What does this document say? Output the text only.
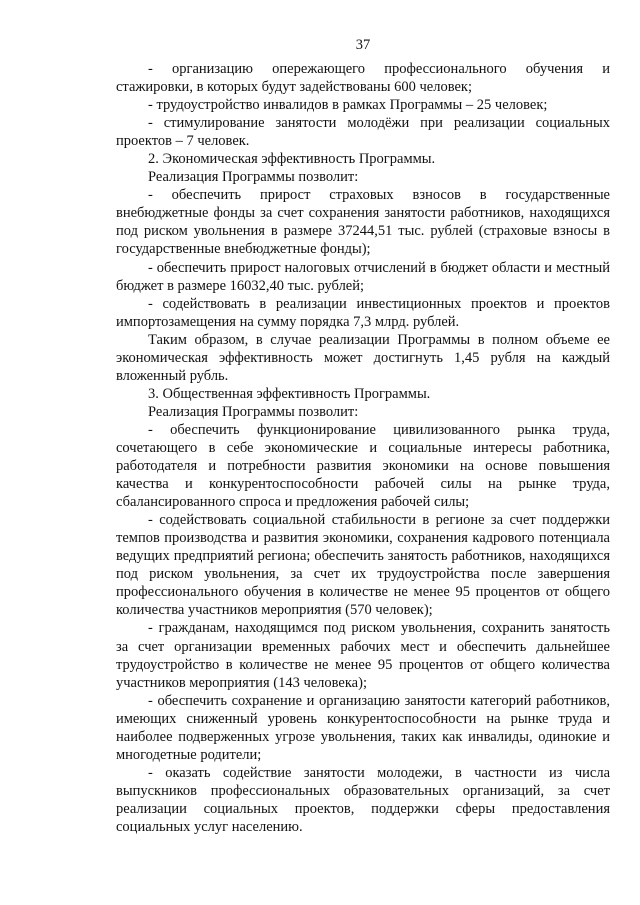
37

- организацию опережающего профессионального обучения и стажировки, в которых будут задействованы 600 человек;

- трудоустройство инвалидов в рамках Программы – 25 человек;

- стимулирование занятости молодёжи при реализации социальных проектов – 7 человек.

2. Экономическая эффективность Программы.

Реализация Программы позволит:

- обеспечить прирост страховых взносов в государственные внебюджетные фонды за счет сохранения занятости работников, находящихся под риском увольнения в размере 37244,51 тыс. рублей (страховые взносы в государственные внебюджетные фонды);

- обеспечить прирост налоговых отчислений в бюджет области и местный бюджет в размере 16032,40 тыс. рублей;

- содействовать в реализации инвестиционных проектов и проектов импортозамещения на сумму порядка 7,3 млрд. рублей.

Таким образом, в случае реализации Программы в полном объеме ее экономическая эффективность может достигнуть 1,45 рубля на каждый вложенный рубль.

3. Общественная эффективность Программы.

Реализация Программы позволит:

- обеспечить функционирование цивилизованного рынка труда, сочетающего в себе экономические и социальные интересы работника, работодателя и потребности развития экономики на основе повышения качества и конкурентоспособности рабочей силы на рынке труда, сбалансированного спроса и предложения рабочей силы;

- содействовать социальной стабильности в регионе за счет поддержки темпов производства и развития экономики, сохранения кадрового потенциала ведущих предприятий региона; обеспечить занятость работников, находящихся под риском увольнения, за счет их трудоустройства после завершения профессионального обучения в количестве не менее 95 процентов от общего количества участников мероприятия (570 человек);

- гражданам, находящимся под риском увольнения, сохранить занятость за счет организации временных рабочих мест и обеспечить дальнейшее трудоустройство в количестве не менее 95 процентов от общего количества участников мероприятия (143 человека);

- обеспечить сохранение и организацию занятости категорий работников, имеющих сниженный уровень конкурентоспособности на рынке труда и наиболее подверженных угрозе увольнения, таких как инвалиды, одинокие и многодетные родители;

- оказать содействие занятости молодежи, в частности из числа выпускников профессиональных образовательных организаций, за счет реализации социальных проектов, поддержки сферы предоставления социальных услуг населению.
